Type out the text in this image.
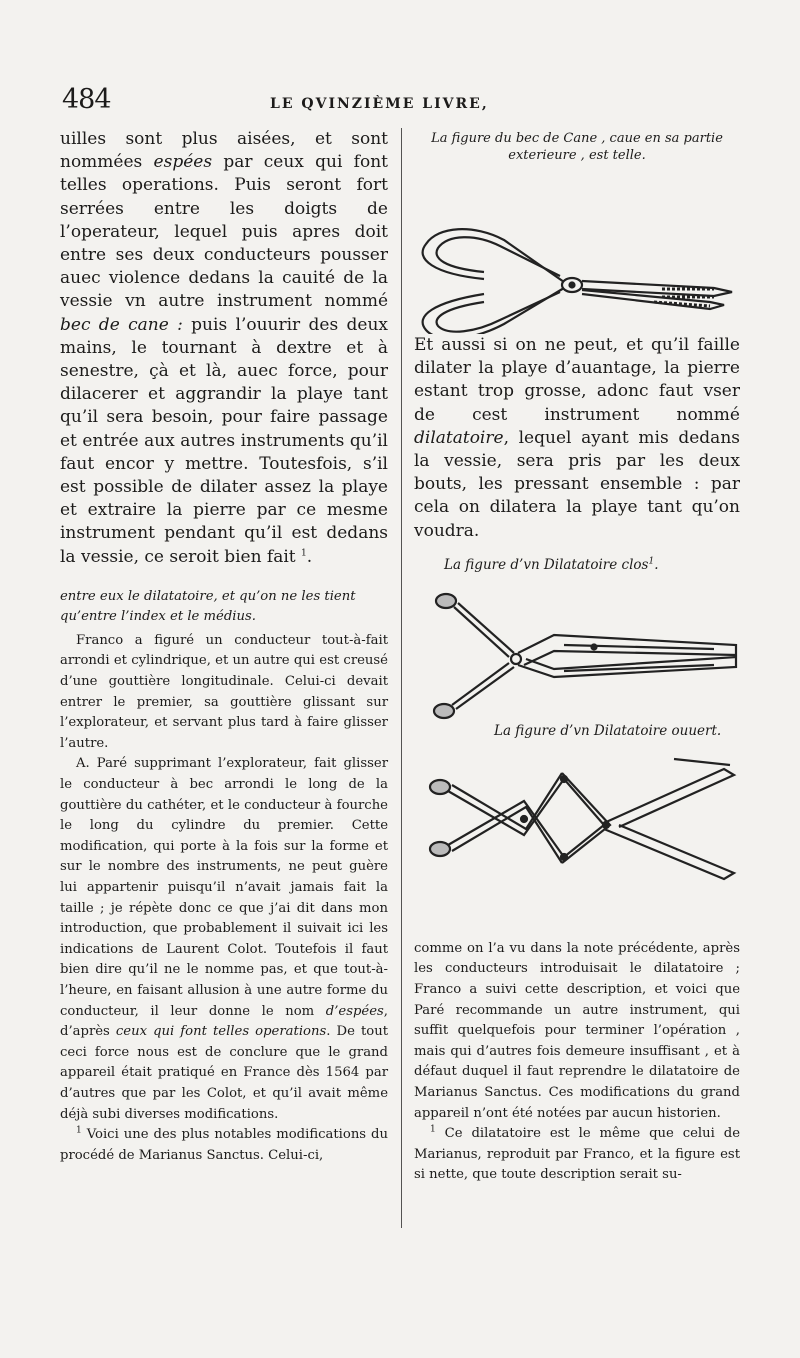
484	LE QVINZIÈME LIVRE,

uilles sont plus aisées, et sont nommées espées par ceux qui font telles operations. Puis seront fort serrées entre les doigts de l’operateur, lequel puis apres doit entre ses deux conducteurs pousser auec violence dedans la cauité de la vessie vn autre instrument nommé bec de cane : puis l’ouurir des deux mains, le tournant à dextre et à senestre, çà et là, auec force, pour dilacerer et aggrandir la playe tant qu’il sera besoin, pour faire passage et entrée aux autres instruments qu’il faut encor y mettre. Toutesfois, s’il est possible de dilater assez la playe et extraire la pierre par ce mesme instrument pendant qu’il est dedans la vessie, ce seroit bien fait $^1$.

entre eux le dilatatoire, et qu’on ne les tient qu’entre l’index et le médius.

Franco a figuré un conducteur tout-à-fait arrondi et cylindrique, et un autre qui est creusé d’une gouttière longitudinale. Celui-ci devait entrer le premier, sa gouttière glissant sur l’explorateur, et servant plus tard à faire glisser l’autre.

A. Paré supprimant l’explorateur, fait glisser le conducteur à bec arrondi le long de la gouttière du cathéter, et le conducteur à fourche le long du cylindre du premier. Cette modification, qui porte à la fois sur la forme et sur le nombre des instruments, ne peut guère lui appartenir puisqu’il n’avait jamais fait la taille ; je répète donc ce que j’ai dit dans mon introduction, que probablement il suivait ici les indications de Laurent Colot. Toutefois il faut bien dire qu’il ne le nomme pas, et que tout-à-l’heure, en faisant allusion à une autre forme du conducteur, il leur donne le nom d’espées, d’après ceux qui font telles operations. De tout ceci force nous est de conclure que le grand appareil était pratiqué en France dès 1564 par d’autres que par les Colot, et qu’il avait même déjà subi diverses modifications.

$^1$ Voici une des plus notables modifications du procédé de Marianus Sanctus. Celui-ci,

La figure du bec de Cane , caue en sa partie
exterieure , est telle.

Et aussi si on ne peut, et qu’il faille dilater la playe d’auantage, la pierre estant trop grosse, adonc faut vser de cest instrument nommé dilatatoire, lequel ayant mis dedans la vessie, sera pris par les deux bouts, les pressant ensemble : par cela on dilatera la playe tant qu’on voudra.

La figure d’vn Dilatatoire clos$^1$.

La figure d’vn Dilatatoire ouuert.

comme on l’a vu dans la note précédente, après les conducteurs introduisait le dilatatoire ; Franco a suivi cette description, et voici que Paré recommande un autre instrument, qui suffit quelquefois pour terminer l’opération , mais qui d’autres fois demeure insuffisant , et à défaut duquel il faut reprendre le dilatatoire de Marianus Sanctus. Ces modifications du grand appareil n’ont été notées par aucun historien.

$^1$ Ce dilatatoire est le même que celui de Marianus, reproduit par Franco, et la figure est si nette, que toute description serait su-
